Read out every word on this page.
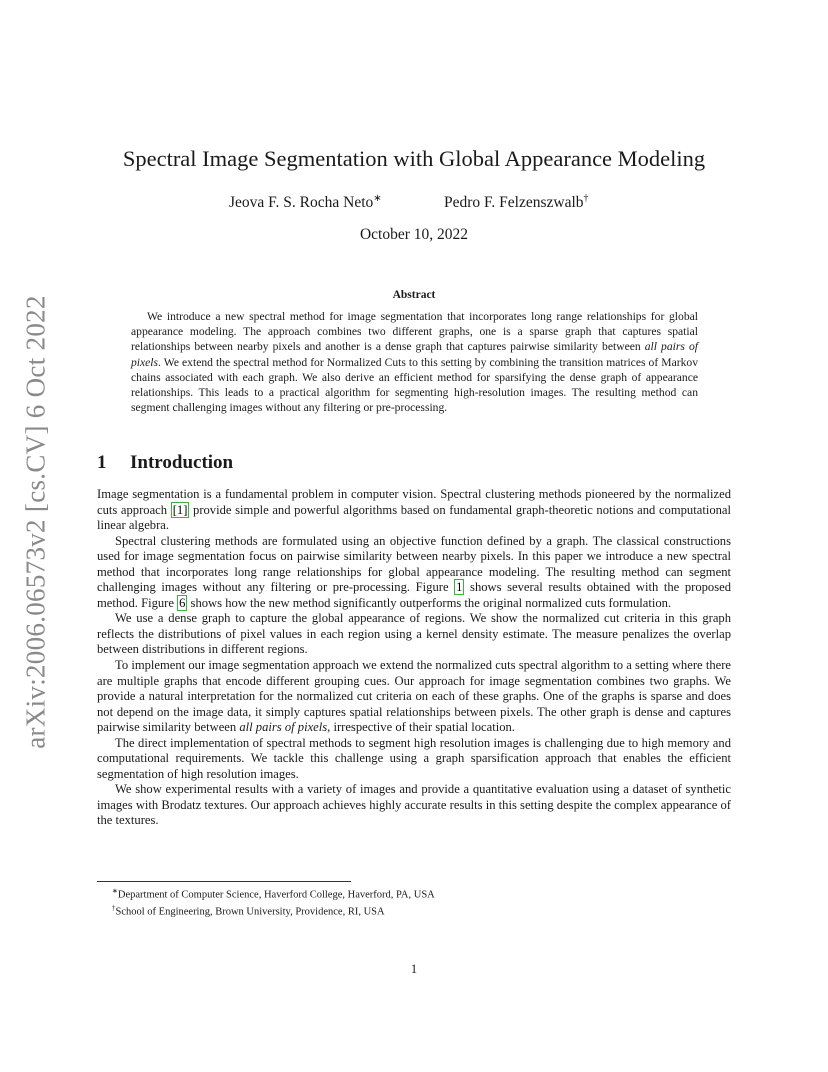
arXiv:2006.06573v2 [cs.CV] 6 Oct 2022
Spectral Image Segmentation with Global Appearance Modeling
Jeova F. S. Rocha Neto∗	Pedro F. Felzenszwalb†
October 10, 2022
Abstract

We introduce a new spectral method for image segmentation that incorporates long range relationships for global appearance modeling. The approach combines two different graphs, one is a sparse graph that captures spatial relationships between nearby pixels and another is a dense graph that captures pairwise similarity between all pairs of pixels. We extend the spectral method for Normalized Cuts to this setting by combining the transition matrices of Markov chains associated with each graph. We also derive an efficient method for sparsifying the dense graph of appearance relationships. This leads to a practical algorithm for segmenting high-resolution images. The resulting method can segment challenging images without any filtering or pre-processing.

1 Introduction

Image segmentation is a fundamental problem in computer vision. Spectral clustering methods pioneered by the normalized cuts approach [1] provide simple and powerful algorithms based on fundamental graph-theoretic notions and computational linear algebra.

Spectral clustering methods are formulated using an objective function defined by a graph. The classical constructions used for image segmentation focus on pairwise similarity between nearby pixels. In this paper we introduce a new spectral method that incorporates long range relationships for global appearance modeling. The resulting method can segment challenging images without any filtering or pre-processing. Figure 1 shows several results obtained with the proposed method. Figure 6 shows how the new method significantly outperforms the original normalized cuts formulation.

We use a dense graph to capture the global appearance of regions. We show the normalized cut criteria in this graph reflects the distributions of pixel values in each region using a kernel density estimate. The measure penalizes the overlap between distributions in different regions.

To implement our image segmentation approach we extend the normalized cuts spectral algorithm to a setting where there are multiple graphs that encode different grouping cues. Our approach for image segmentation combines two graphs. We provide a natural interpretation for the normalized cut criteria on each of these graphs. One of the graphs is sparse and does not depend on the image data, it simply captures spatial relationships between pixels. The other graph is dense and captures pairwise similarity between all pairs of pixels, irrespective of their spatial location.

The direct implementation of spectral methods to segment high resolution images is challenging due to high memory and computational requirements. We tackle this challenge using a graph sparsification approach that enables the efficient segmentation of high resolution images.

We show experimental results with a variety of images and provide a quantitative evaluation using a dataset of synthetic images with Brodatz textures. Our approach achieves highly accurate results in this setting despite the complex appearance of the textures.

∗Department of Computer Science, Haverford College, Haverford, PA, USA
†School of Engineering, Brown University, Providence, RI, USA
1
